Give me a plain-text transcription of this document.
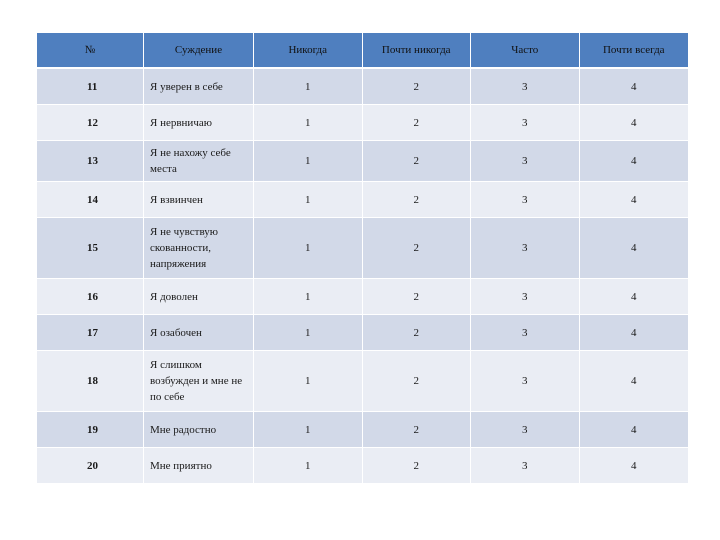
№	Суждение	Никогда	Почти никогда	Часто	Почти всегда
11	Я уверен в себе	1	2	3	4
12	Я нервничаю	1	2	3	4
13	Я не нахожу себе места	1	2	3	4
14	Я взвинчен	1	2	3	4
15	Я не чувствую скованности, напряжения	1	2	3	4
16	Я доволен	1	2	3	4
17	Я озабочен	1	2	3	4
18	Я слишком возбужден и мне не по себе	1	2	3	4
19	Мне радостно	1	2	3	4
20	Мне приятно	1	2	3	4
